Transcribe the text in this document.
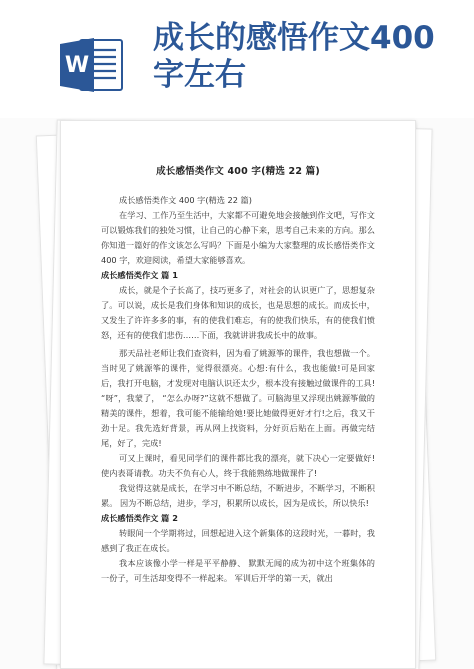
W
成长的感悟作文400字左右
成长感悟类作文 400 字(精选 22 篇)
成长感悟类作文 400 字(精选 22 篇)
在学习、工作乃至生活中，大家都不可避免地会接触到作文吧，写作文可以锻炼我们的独处习惯，让自己的心静下来，思考自己未来的方向。那么你知道一篇好的作文该怎么写吗？下面是小编为大家整理的成长感悟类作文 400 字，欢迎阅读，希望大家能够喜欢。
成长感悟类作文 篇 1
成长，就是个子长高了，技巧更多了，对社会的认识更广了，思想复杂了。可以说，成长是我们身体和知识的成长，也是思想的成长。而成长中，又发生了许许多多的事，有的使我们难忘，有的使我们快乐，有的使我们愤怒，还有的使我们悲伤……下面，我就讲讲我成长中的故事。
那天品社老师让我们查资料，因为看了姚源筝的课件，我也想做一个。 当时见了姚源筝的课件，觉得很漂亮。心想:有什么，我也能做!可是回家后，我打开电脑，才发现对电脑认识还太少，根本没有接触过做课件的工具! “呀”，我蒙了， “怎么办呀?”这就不想做了。可脑海里又浮现出姚源筝做的精美的课件，想着，我可能不能输给她!要比她做得更好才行!之后，我又干劲十足。我先选好背景，再从网上找资料，分好页后贴在上面。再做完结尾，好了，完成!
可又上课时，看见同学们的课件都比我的漂亮，就下决心一定要做好!使内表哥请教。功夫不负有心人，终于我能熟练地做课件了!
我觉得这就是成长，在学习中不断总结，不断进步，不断学习，不断积累。 因为不断总结，进步，学习，积累所以成长，因为是成长，所以快乐!
成长感悟类作文 篇 2
转眼间一个学期将过，回想起进入这个新集体的这段时光，一暮时，我感到了我正在成长。
我本应该像小学一样是平平静静、 默默无闻的成为初中这个班集体的一份子，可生活却变得不一样起来。 军训后开学的第一天，就出
